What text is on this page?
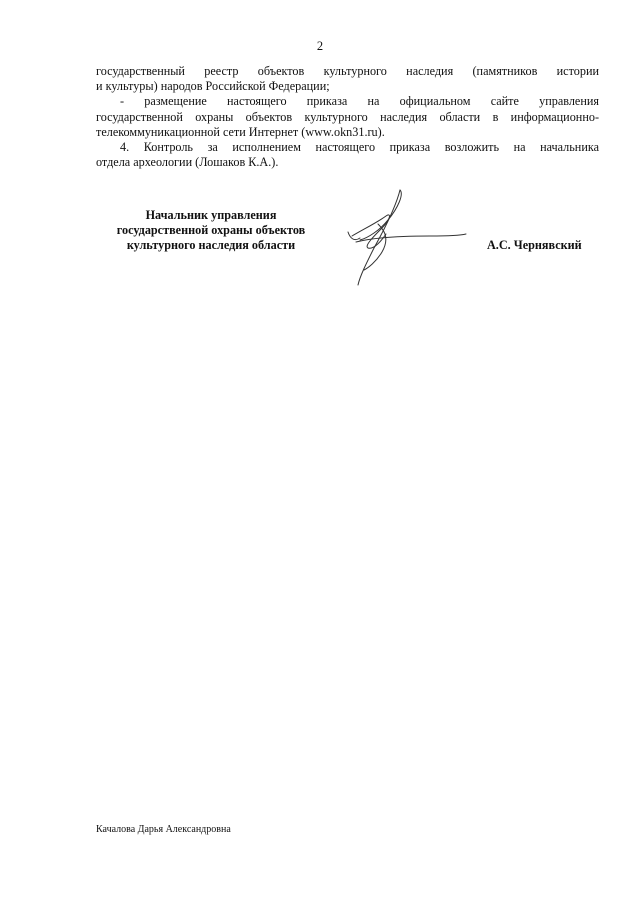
2

государственный реестр объектов культурного наследия (памятников истории

и культуры) народов Российской Федерации;

- размещение настоящего приказа на официальном сайте управления

государственной охраны объектов культурного наследия области в информационно-

телекоммуникационной сети Интернет (www.okn31.ru).

4. Контроль за исполнением настоящего приказа возложить на начальника

отдела археологии (Лошаков К.А.).

Начальник управления
государственной охраны объектов
культурного наследия области	А.С. Чернявский
Качалова Дарья Александровна
